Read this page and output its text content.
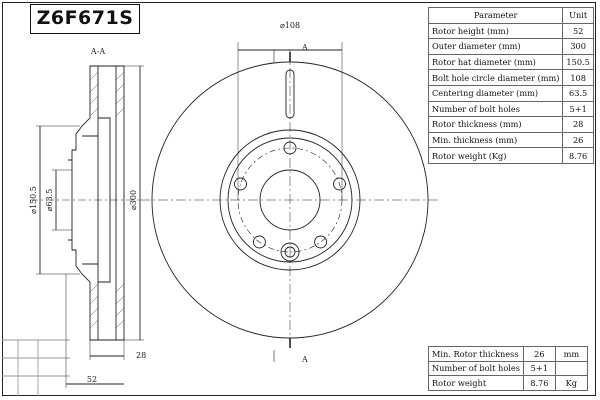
A-A	A
A
⌀108
⌀150.5 ⌀63.5	⌀300
28
52
Z6F671S	Parameter	Unit
Rotor height (mm)	52
Outer diameter (mm)	300
Rotor hat diameter (mm)	150.5
Bolt hole circle diameter (mm)	108
Centering diameter (mm)	63.5
Number of bolt holes	5+1
Rotor thickness (mm)	28
Min. thickness (mm)	26
Rotor weight (Kg)	8.76
Min. Rotor thickness	26	mm
Number of bolt holes	5+1	
Rotor weight	8.76	Kg
